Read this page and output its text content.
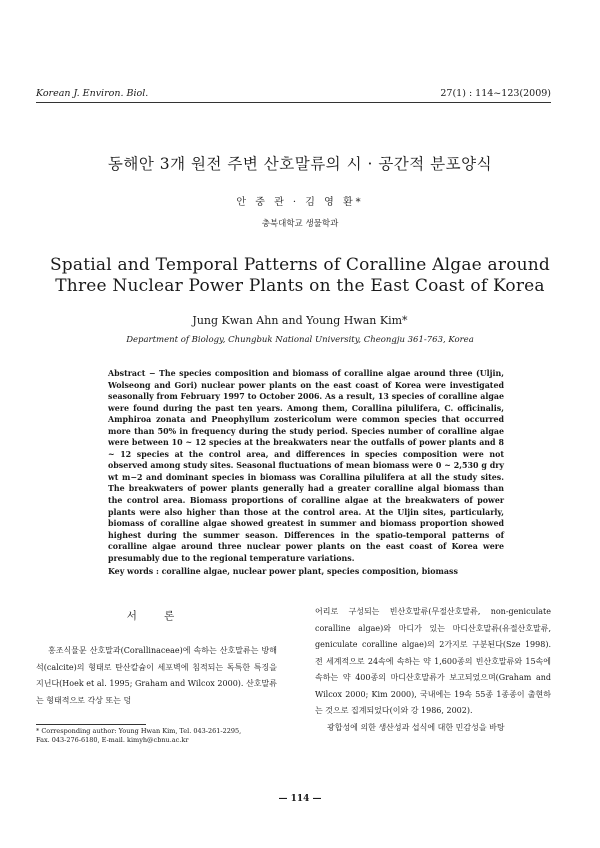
Korean J. Environ. Biol.	27(1) : 114~123(2009)
동해안 3개 원전 주변 산호말류의 시 · 공간적 분포양식
안 중 관 · 김 영 환*
충북대학교 생물학과
Spatial and Temporal Patterns of Coralline Algae around
Three Nuclear Power Plants on the East Coast of Korea
Jung Kwan Ahn and Young Hwan Kim*
Department of Biology, Chungbuk National University, Cheongju 361-763, Korea

Abstract − The species composition and biomass of coralline algae around three (Uljin, Wolseong and Gori) nuclear power plants on the east coast of Korea were investigated seasonally from February 1997 to October 2006. As a result, 13 species of coralline algae were found during the past ten years. Among them, Corallina pilulifera, C. officinalis, Amphiroa zonata and Pneophyllum zostericolum were common species that occurred more than 50% in frequency during the study period. Species number of coralline algae were between 10 ~ 12 species at the breakwaters near the outfalls of power plants and 8 ~ 12 species at the control area, and differences in species composition were not observed among study sites. Seasonal fluctuations of mean biomass were 0 ~ 2,530 g dry wt m−2 and dominant species in biomass was Corallina pilulifera at all the study sites. The breakwaters of power plants generally had a greater coralline algal biomass than the control area. Biomass proportions of coralline algae at the breakwaters of power plants were also higher than those at the control area. At the Uljin sites, particularly, biomass of coralline algae showed greatest in summer and biomass proportion showed highest during the summer season. Differences in the spatio-temporal patterns of coralline algae around three nuclear power plants on the east coast of Korea were presumably due to the regional temperature variations.

Key words : coralline algae, nuclear power plant, species composition, biomass
서 론

홍조식물문 산호말과(Corallinaceae)에 속하는 산호말류는 방해석(calcite)의 형태로 탄산칼슘이 세포벽에 침적되는 독특한 특징을 지닌다(Hoek et al. 1995; Graham and Wilcox 2000). 산호말류는 형태적으로 각상 또는 덩

* Corresponding author: Young Hwan Kim, Tel. 043-261-2295,
Fax. 043-276-6180, E-mail. kimyh@cbnu.ac.kr

어리로 구성되는 빈산호말류(무절산호말류, non-geniculate coralline algae)와 마디가 있는 마디산호말류(유절산호말류, geniculate coralline algae)의 2가지로 구분된다(Sze 1998). 전 세계적으로 24속에 속하는 약 1,600종의 빈산호말류와 15속에 속하는 약 400종의 마디산호말류가 보고되었으며(Graham and Wilcox 2000; Kim 2000), 국내에는 19속 55종 1종종이 출현하는 것으로 집계되었다(이와 강 1986, 2002).

광합성에 의한 생산성과 섭식에 대한 민감성을 바탕

— 114 —
